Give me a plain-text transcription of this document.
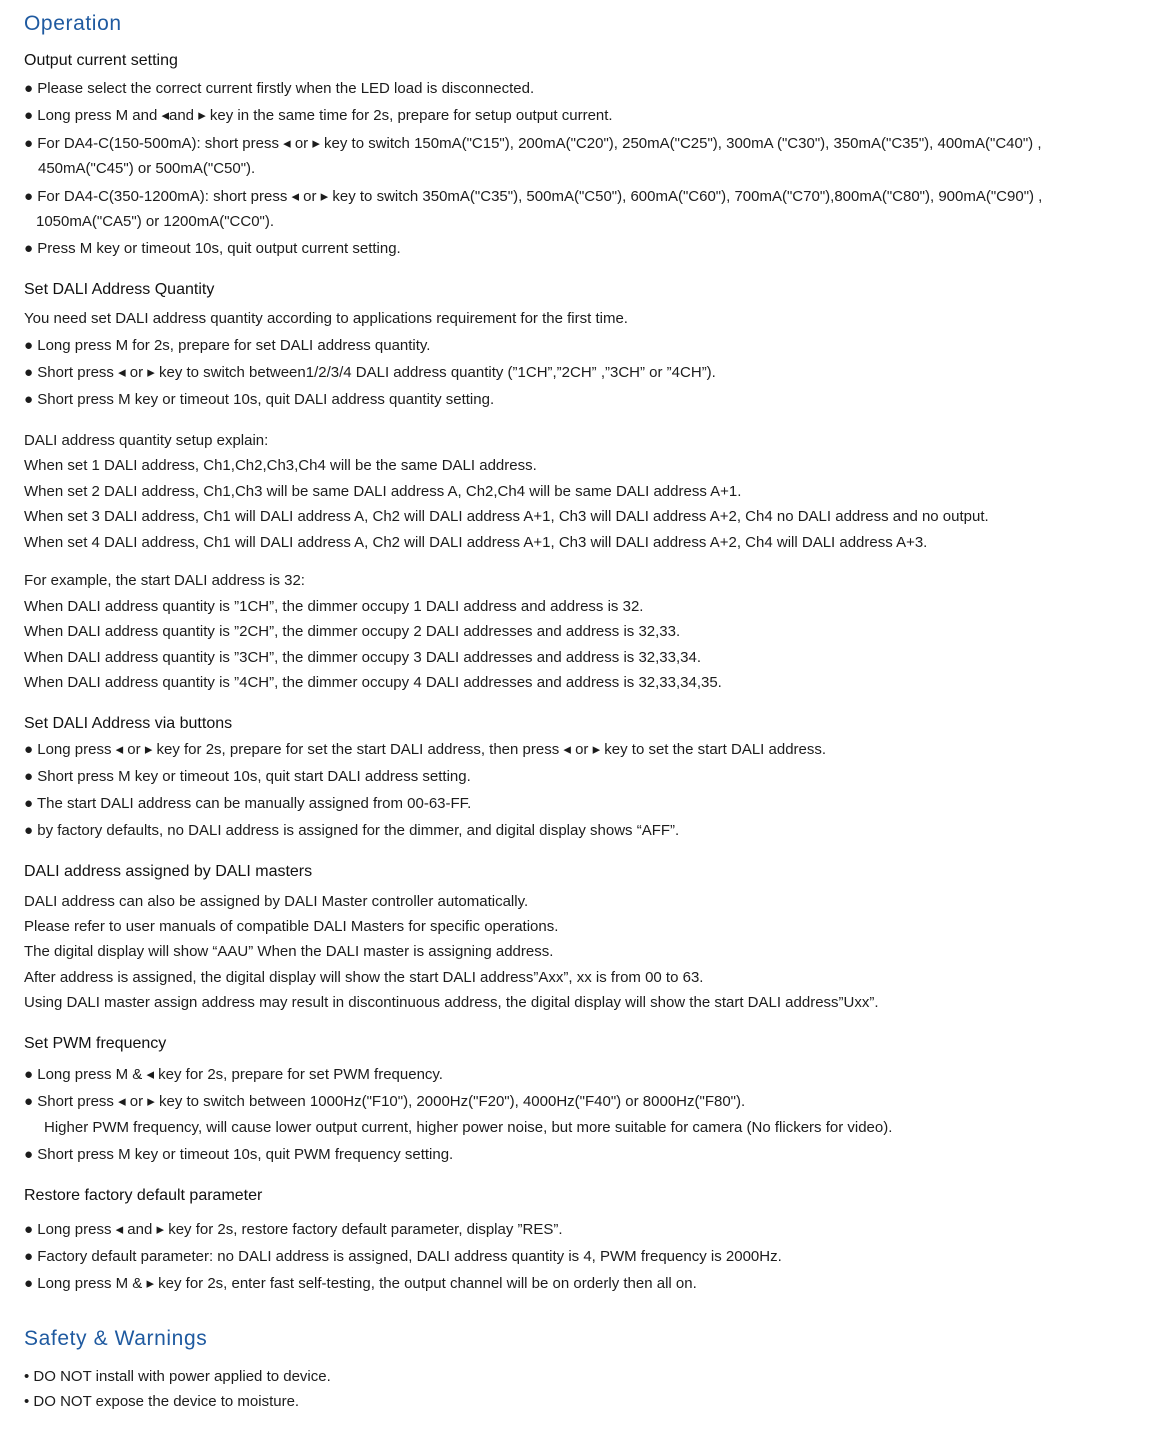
Operation
Output current setting
● Please select the correct current firstly when the LED load is disconnected.
● Long press M and ◂and ▸ key in the same time for 2s, prepare for setup output current.
● For DA4-C(150-500mA): short press ◂ or ▸ key to switch 150mA("C15"), 200mA("C20"), 250mA("C25"), 300mA ("C30"), 350mA("C35"), 400mA("C40") ,
450mA("C45") or 500mA("C50").
● For DA4-C(350-1200mA): short press ◂ or ▸ key to switch 350mA("C35"), 500mA("C50"), 600mA("C60"), 700mA("C70"),800mA("C80"), 900mA("C90") ,
1050mA("CA5") or 1200mA("CC0").
● Press M key or timeout 10s, quit output current setting.
Set DALI Address Quantity
You need set DALI address quantity according to applications requirement for the first time.
● Long press M for 2s, prepare for set DALI address quantity.
● Short press ◂ or ▸ key to switch between1/2/3/4 DALI address quantity (”1CH”,”2CH” ,”3CH” or ”4CH”).
● Short press M key or timeout 10s, quit DALI address quantity setting.
DALI address quantity setup explain:
When set 1 DALI address, Ch1,Ch2,Ch3,Ch4 will be the same DALI address.
When set 2 DALI address, Ch1,Ch3 will be same DALI address A, Ch2,Ch4 will be same DALI address A+1.
When set 3 DALI address, Ch1 will DALI address A, Ch2 will DALI address A+1, Ch3 will DALI address A+2, Ch4 no DALI address and no output.
When set 4 DALI address, Ch1 will DALI address A, Ch2 will DALI address A+1, Ch3 will DALI address A+2, Ch4 will DALI address A+3.
For example, the start DALI address is 32:
When DALI address quantity is ”1CH”, the dimmer occupy 1 DALI address and address is 32.
When DALI address quantity is ”2CH”, the dimmer occupy 2 DALI addresses and address is 32,33.
When DALI address quantity is ”3CH”, the dimmer occupy 3 DALI addresses and address is 32,33,34.
When DALI address quantity is ”4CH”, the dimmer occupy 4 DALI addresses and address is 32,33,34,35.
Set DALI Address via buttons
● Long press ◂ or ▸ key for 2s, prepare for set the start DALI address, then press ◂ or ▸ key to set the start DALI address.
● Short press M key or timeout 10s, quit start DALI address setting.
● The start DALI address can be manually assigned from 00-63-FF.
● by factory defaults, no DALI address is assigned for the dimmer, and digital display shows “AFF”.
DALI address assigned by DALI masters
DALI address can also be assigned by DALI Master controller automatically.
Please refer to user manuals of compatible DALI Masters for specific operations.
The digital display will show “AAU” When the DALI master is assigning address.
After address is assigned, the digital display will show the start DALI address”Axx”, xx is from 00 to 63.
Using DALI master assign address may result in discontinuous address, the digital display will show the start DALI address”Uxx”.
Set PWM frequency
● Long press M & ◂ key for 2s, prepare for set PWM frequency.
● Short press ◂ or ▸ key to switch between 1000Hz("F10"), 2000Hz("F20"), 4000Hz("F40") or 8000Hz("F80").
Higher PWM frequency, will cause lower output current, higher power noise, but more suitable for camera (No flickers for video).
● Short press M key or timeout 10s, quit PWM frequency setting.
Restore factory default parameter
● Long press ◂ and ▸ key for 2s, restore factory default parameter, display ”RES”.
● Factory default parameter: no DALI address is assigned, DALI address quantity is 4, PWM frequency is 2000Hz.
● Long press M & ▸ key for 2s, enter fast self-testing, the output channel will be on orderly then all on.
Safety & Warnings
• DO NOT install with power applied to device.
• DO NOT expose the device to moisture.
